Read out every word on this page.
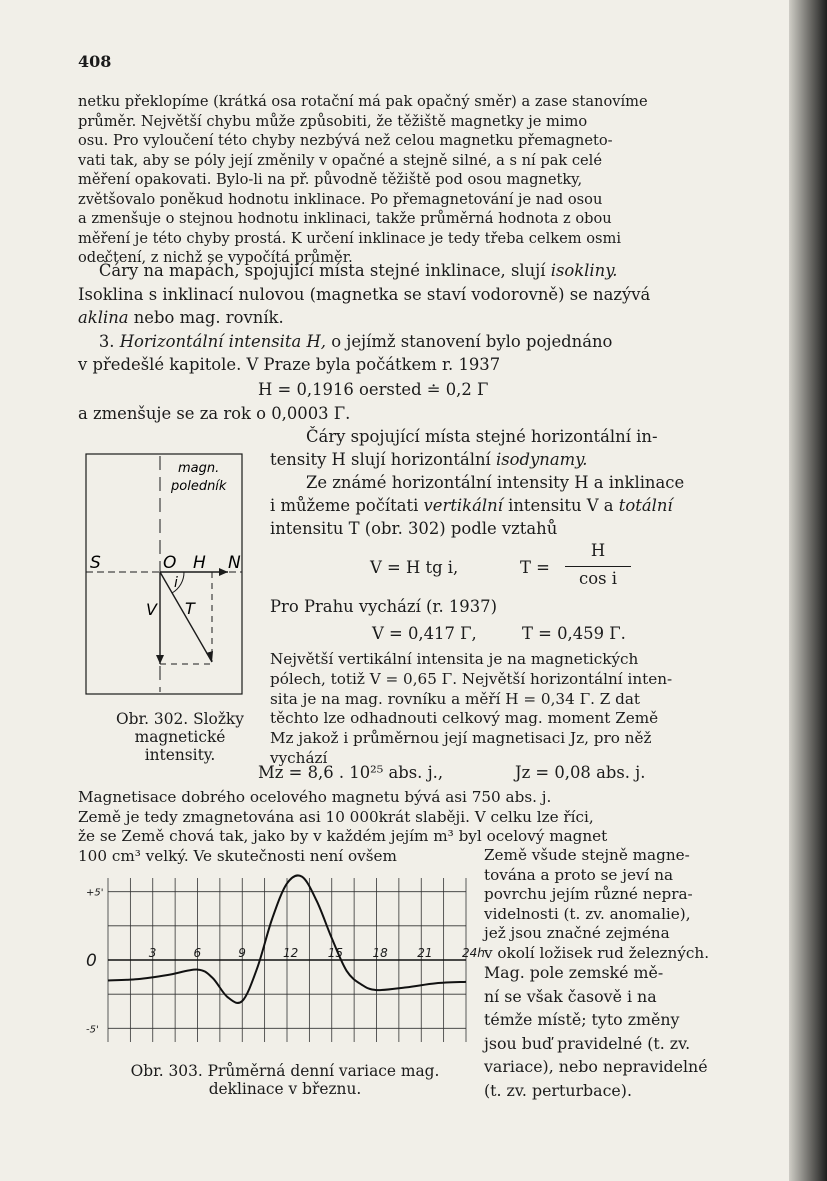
408
netku překlopíme (krátká osa rotační má pak opačný směr) a zase stanovíme
průměr. Největší chybu může způsobiti, že těžiště magnetky je mimo
osu. Pro vyloučení této chyby nezbývá než celou magnetku přemagneto-
vati tak, aby se póly její změnily v opačné a stejně silné, a s ní pak celé
měření opakovati. Bylo-li na př. původně těžiště pod osou magnetky,
zvětšovalo poněkud hodnotu inklinace. Po přemagnetování je nad osou
a zmenšuje o stejnou hodnotu inklinaci, takže průměrná hodnota z obou
měření je této chyby prostá. K určení inklinace je tedy třeba celkem osmi
odečtení, z nichž se vypočítá průměr.
Čáry na mapách, spojující místa stejné inklinace, slují isokliny.
Isoklina s inklinací nulovou (magnetka se staví vodorovně) se nazývá
aklina nebo mag. rovník.
3. Horizontální intensita H, o jejímž stanovení bylo pojednáno
v předešlé kapitole. V Praze byla počátkem r. 1937
H = 0,1916 oersted ≐ 0,2 Γ
a zmenšuje se za rok o 0,0003 Γ.
Čáry spojující místa stejné horizontální in-
tensity H slují horizontální isodynamy.
Ze známé horizontální intensity H a inklinace
i můžeme počítati vertikální intensitu V a totální
intensitu T (obr. 302) podle vztahů
V = H tg i,	T =
H
cos i
Pro Prahu vychází (r. 1937)
V = 0,417 Γ,	T = 0,459 Γ.
Největší vertikální intensita je na magnetických
pólech, totiž V = 0,65 Γ. Největší horizontální inten-
sita je na mag. rovníku a měří H = 0,34 Γ. Z dat
těchto lze odhadnouti celkový mag. moment Země
Mz jakož i průměrnou její magnetisaci Jz, pro něž
vychází
Mz = 8,6 . 10²⁵ abs. j.,	Jz = 0,08 abs. j.
Magnetisace dobrého ocelového magnetu bývá asi 750 abs. j.
Země je tedy zmagnetována asi 10 000krát slaběji. V celku lze říci,
že se Země chová tak, jako by v každém jejím m³ byl ocelový magnet
100 cm³ velký. Ve skutečnosti není ovšem	Země všude stejně magne-
tována a proto se jeví na
povrchu jejím různé nepra-
videlnosti (t. zv. anomalie),
jež jsou značné zejména
v okolí ložisek rud železných.
Mag. pole zemské mě-
ní se však časově i na
témže místě; tyto změny
jsou buď pravidelné (t. zv.
variace), nebo nepravidelné
(t. zv. perturbace).
magn.
poledník
S	O H N
i
V T
Obr. 302. Složky
magnetické
intensity.
+5'
0
-5'
3	6	9	12 15 18 21 24h
Obr. 303. Průměrná denní variace mag.
deklinace v březnu.
